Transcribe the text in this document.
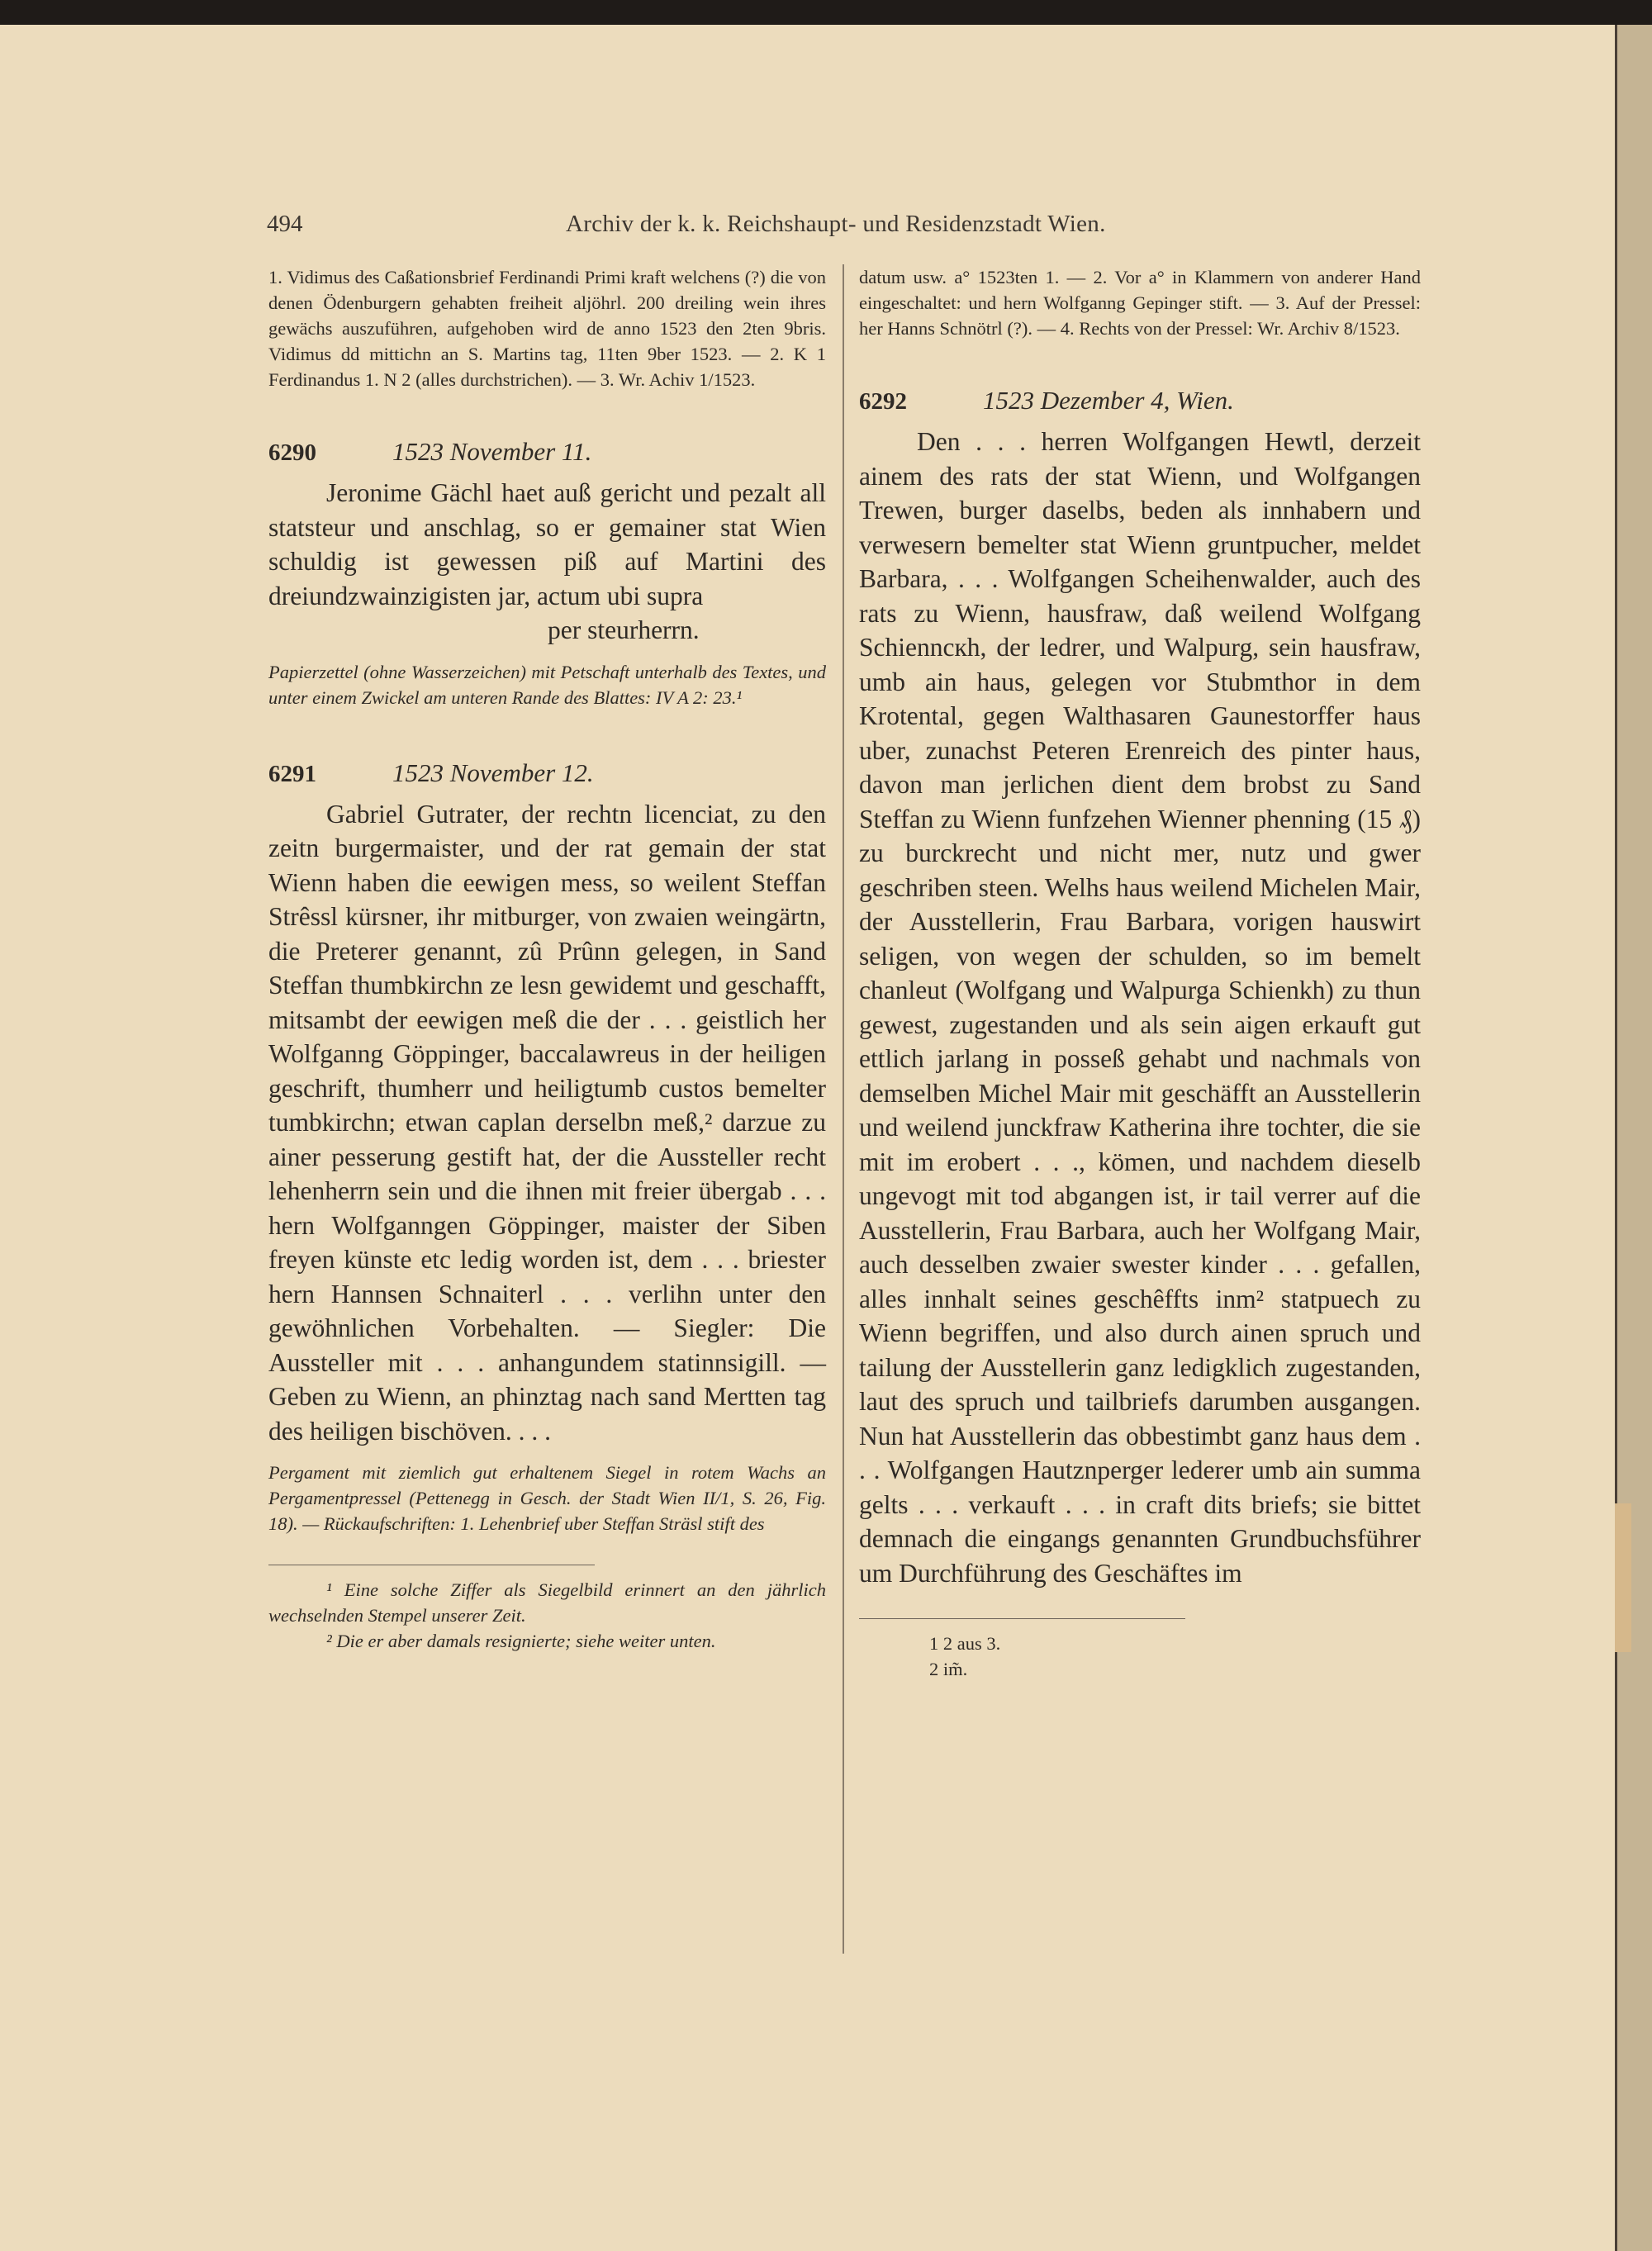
494	Archiv der k. k. Reichshaupt- und Residenzstadt Wien.

1. Vidimus des Caßationsbrief Ferdinandi Primi kraft welchens (?) die von denen Ödenburgern gehabten freiheit aljöhrl. 200 dreiling wein ihres gewächs auszuführen, aufgehoben wird de anno 1523 den 2ten 9bris. Vidimus dd mittichn an S. Martins tag, 11ten 9ber 1523. — 2. K 1 Ferdinandus 1. N 2 (alles durchstrichen). — 3. Wr. Achiv 1/1523.

6290	1523 November 11.

Jeronime Gächl haet auß gericht und pezalt all statsteur und anschlag, so er gemainer stat Wien schuldig ist gewessen piß auf Martini des dreiundzwainzigisten jar, actum ubi supra

per steurherrn.

Papierzettel (ohne Wasserzeichen) mit Petschaft unterhalb des Textes, und unter einem Zwickel am unteren Rande des Blattes: IV A 2: 23.¹

6291	1523 November 12.

Gabriel Gutrater, der rechtn licenciat, zu den zeitn burgermaister, und der rat gemain der stat Wienn haben die eewigen mess, so weilent Steffan Strêssl kürsner, ihr mitburger, von zwaien weingärtn, die Preterer genannt, zû Prûnn gelegen, in Sand Steffan thumbkirchn ze lesn gewidemt und geschafft, mitsambt der eewigen meß die der . . . geistlich her Wolfganng Göppinger, baccalawreus in der heiligen geschrift, thumherr und heiligtumb custos bemelter tumbkirchn; etwan caplan derselbn meß,² darzue zu ainer pesserung gestift hat, der die Aussteller recht lehenherrn sein und die ihnen mit freier übergab . . . hern Wolfganngen Göppinger, maister der Siben freyen künste etc ledig worden ist, dem . . . briester hern Hannsen Schnaiterl . . . verlihn unter den gewöhnlichen Vorbehalten. — Siegler: Die Aussteller mit . . . anhangundem statinnsigill. — Geben zu Wienn, an phinztag nach sand Mertten tag des heiligen bischöven. . . .

Pergament mit ziemlich gut erhaltenem Siegel in rotem Wachs an Pergamentpressel (Pettenegg in Gesch. der Stadt Wien II/1, S. 26, Fig. 18). — Rückaufschriften: 1. Lehenbrief uber Steffan Sträsl stift des

¹ Eine solche Ziffer als Siegelbild erinnert an den jährlich wechselnden Stempel unserer Zeit.

² Die er aber damals resignierte; siehe weiter unten.

datum usw. a° 1523ten 1. — 2. Vor a° in Klammern von anderer Hand eingeschaltet: und hern Wolfganng Gepinger stift. — 3. Auf der Pressel: her Hanns Schnötrl (?). — 4. Rechts von der Pressel: Wr. Archiv 8/1523.

6292	1523 Dezember 4, Wien.

Den . . . herren Wolfgangen Hewtl, derzeit ainem des rats der stat Wienn, und Wolfgangen Trewen, burger daselbs, beden als innhabern und verwesern bemelter stat Wienn gruntpucher, meldet Barbara, . . . Wolfgangen Scheihenwalder, auch des rats zu Wienn, hausfraw, daß weilend Wolfgang Schienncкh, der ledrer, und Walpurg, sein hausfraw, umb ain haus, gelegen vor Stubmthor in dem Krotental, gegen Walthasaren Gaunestorffer haus uber, zunachst Peteren Erenreich des pinter haus, davon man jerlichen dient dem brobst zu Sand Steffan zu Wienn funfzehen Wienner phenning (15 ₰) zu burckrecht und nicht mer, nutz und gwer geschriben steen. Welhs haus weilend Michelen Mair, der Ausstellerin, Frau Barbara, vorigen hauswirt seligen, von wegen der schulden, so im bemelt chanleut (Wolfgang und Walpurga Schienkh) zu thun gewest, zugestanden und als sein aigen erkauft gut ettlich jarlang in posseß gehabt und nachmals von demselben Michel Mair mit geschäfft an Ausstellerin und weilend junckfraw Katherina ihre tochter, die sie mit im erobert . . ., kömen, und nachdem dieselb ungevogt mit tod abgangen ist, ir tail verrer auf die Ausstellerin, Frau Barbara, auch her Wolfgang Mair, auch desselben zwaier swester kinder . . . gefallen, alles innhalt seines geschêffts inm² statpuech zu Wienn begriffen, und also durch ainen spruch und tailung der Ausstellerin ganz ledigklich zugestanden, laut des spruch und tailbriefs darumben ausgangen. Nun hat Ausstellerin das obbestimbt ganz haus dem . . . Wolfgangen Hautznperger lederer umb ain summa gelts . . . verkauft . . . in craft dits briefs; sie bittet demnach die eingangs genannten Grundbuchsführer um Durchführung des Geschäftes im

1 2 aus 3.

2 im̃.
